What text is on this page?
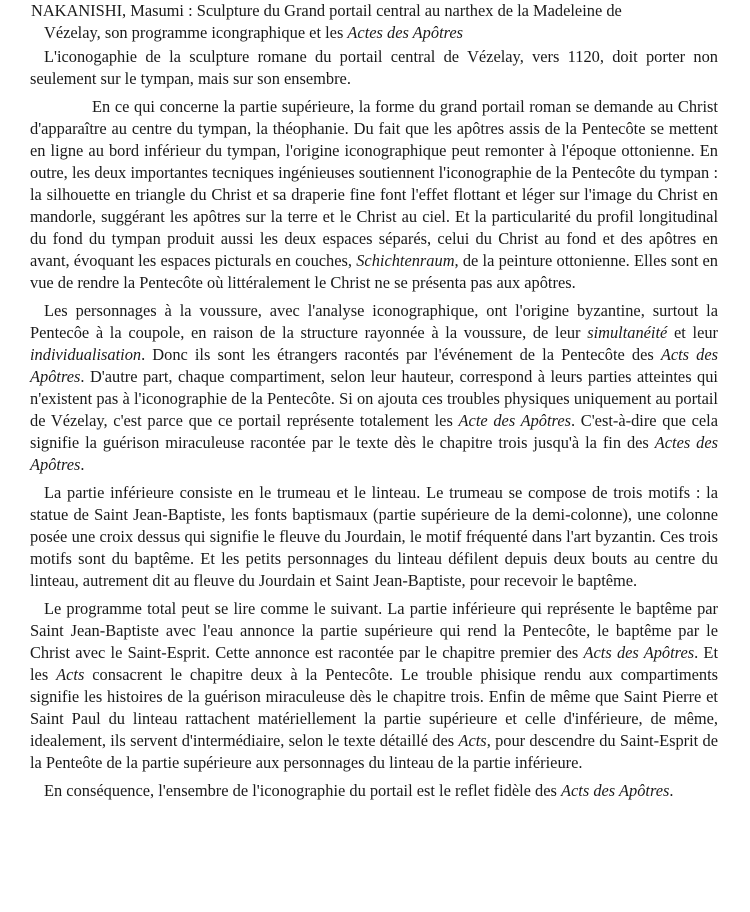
NAKANISHI, Masumi : Sculpture du Grand portail central au narthex de la Madeleine de
Vézelay, son programme icongraphique et les Actes des Apôtres

L'iconogaphie de la sculpture romane du portail central de Vézelay, vers 1120, doit porter non seulement sur le tympan, mais sur son ensembre.

En ce qui concerne la partie supérieure, la forme du grand portail roman se demande au Christ d'apparaître au centre du tympan, la théophanie. Du fait que les apôtres assis de la Pentecôte se mettent en ligne au bord inférieur du tympan, l'origine iconographique peut remonter à l'époque ottonienne. En outre, les deux importantes tecniques ingénieuses soutiennent l'iconographie de la Pentecôte du tympan : la silhouette en triangle du Christ et sa draperie fine font l'effet flottant et léger sur l'image du Christ en mandorle, suggérant les apôtres sur la terre et le Christ au ciel. Et la particularité du profil longitudinal du fond du tympan produit aussi les deux espaces séparés, celui du Christ au fond et des apôtres en avant, évoquant les espaces picturals en couches, Schichtenraum, de la peinture ottonienne. Elles sont en vue de rendre la Pentecôte où littéralement le Christ ne se présenta pas aux apôtres.

Les personnages à la voussure, avec l'analyse iconographique, ont l'origine byzantine, surtout la Pentecôe à la coupole, en raison de la structure rayonnée à la voussure, de leur simultanéité et leur individualisation. Donc ils sont les étrangers racontés par l'événement de la Pentecôte des Acts des Apôtres. D'autre part, chaque compartiment, selon leur hauteur, correspond à leurs parties atteintes qui n'existent pas à l'iconographie de la Pentecôte. Si on ajouta ces troubles physiques uniquement au portail de Vézelay, c'est parce que ce portail représente totalement les Acte des Apôtres. C'est-à-dire que cela signifie la guérison miraculeuse racontée par le texte dès le chapitre trois jusqu'à la fin des Actes des Apôtres.

La partie inférieure consiste en le trumeau et le linteau. Le trumeau se compose de trois motifs : la statue de Saint Jean-Baptiste, les fonts baptismaux (partie supérieure de la demi-colonne), une colonne posée une croix dessus qui signifie le fleuve du Jourdain, le motif fréquenté dans l'art byzantin. Ces trois motifs sont du baptême. Et les petits personnages du linteau défilent depuis deux bouts au centre du linteau, autrement dit au fleuve du Jourdain et Saint Jean-Baptiste, pour recevoir le baptême.

Le programme total peut se lire comme le suivant. La partie inférieure qui représente le baptême par Saint Jean-Baptiste avec l'eau annonce la partie supérieure qui rend la Pentecôte, le baptême par le Christ avec le Saint-Esprit. Cette annonce est racontée par le chapitre premier des Acts des Apôtres. Et les Acts consacrent le chapitre deux à la Pentecôte. Le trouble phisique rendu aux compartiments signifie les histoires de la guérison miraculeuse dès le chapitre trois. Enfin de même que Saint Pierre et Saint Paul du linteau rattachent matériellement la partie supérieure et celle d'inférieure, de même, idealement, ils servent d'intermédiaire, selon le texte détaillé des Acts, pour descendre du Saint-Esprit de la Penteôte de la partie supérieure aux personnages du linteau de la partie inférieure.

En conséquence, l'ensembre de l'iconographie du portail est le reflet fidèle des Acts des Apôtres.
